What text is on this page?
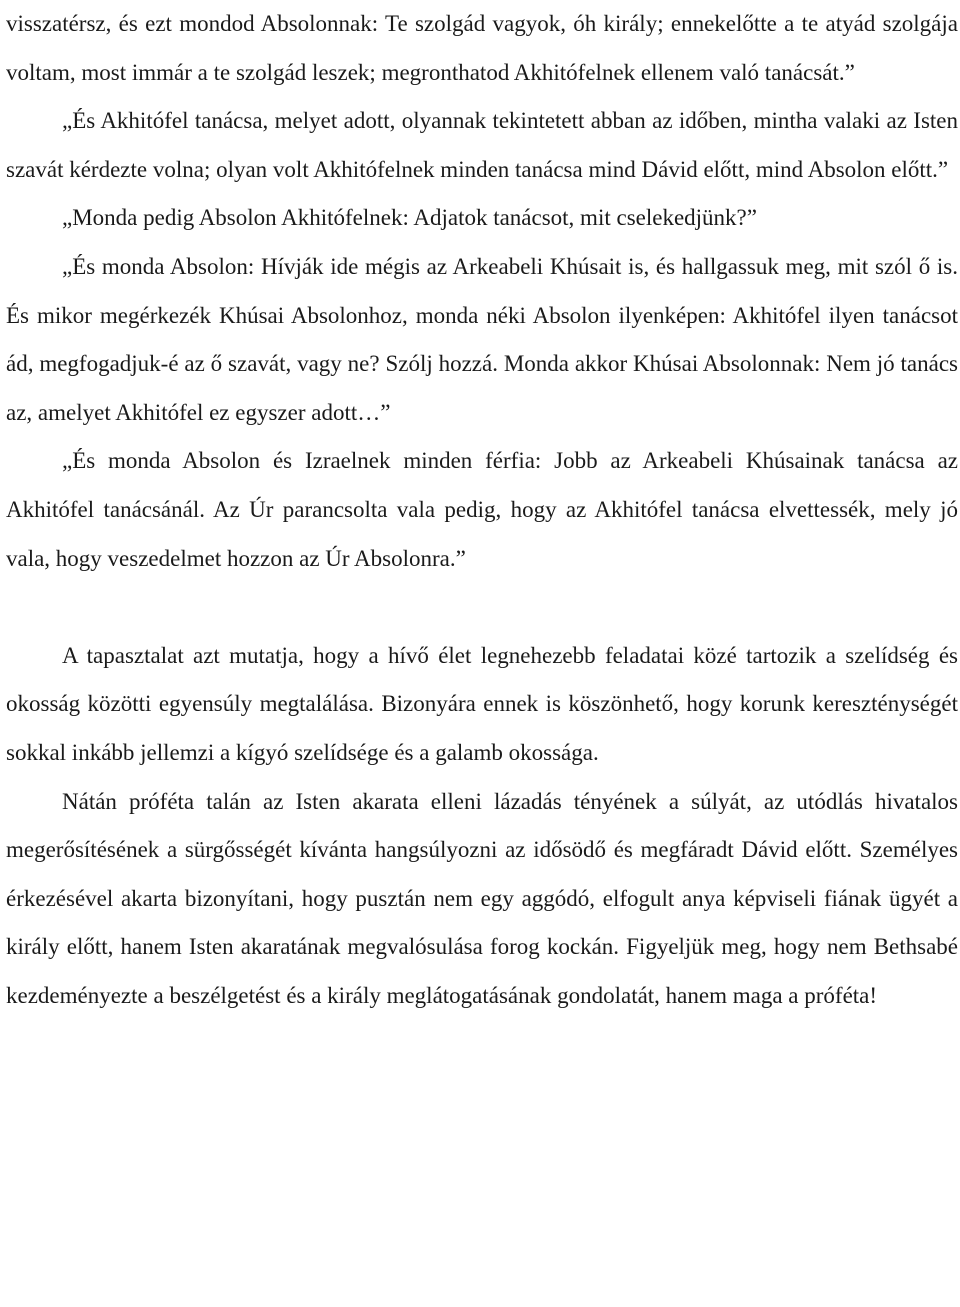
visszatérsz, és ezt mondod Absolonnak: Te szolgád vagyok, óh király; ennekelőtte a te atyád szolgája voltam, most immár a te szolgád leszek; megronthatod Akhitófelnek ellenem való tanácsát.”

„És Akhitófel tanácsa, melyet adott, olyannak tekintetett abban az időben, mintha valaki az Isten szavát kérdezte volna; olyan volt Akhitófelnek minden tanácsa mind Dávid előtt, mind Absolon előtt.”

„Monda pedig Absolon Akhitófelnek: Adjatok tanácsot, mit cselekedjünk?”

„És monda Absolon: Hívják ide mégis az Arkeabeli Khúsait is, és hallgassuk meg, mit szól ő is. És mikor megérkezék Khúsai Absolonhoz, monda néki Absolon ilyenképen: Akhitófel ilyen tanácsot ád, megfogadjuk-é az ő szavát, vagy ne? Szólj hozzá. Monda akkor Khúsai Absolonnak: Nem jó tanács az, amelyet Akhitófel ez egyszer adott…”

„És monda Absolon és Izraelnek minden férfia: Jobb az Arkeabeli Khúsainak tanácsa az Akhitófel tanácsánál. Az Úr parancsolta vala pedig, hogy az Akhitófel tanácsa elvettessék, mely jó vala, hogy veszedelmet hozzon az Úr Absolonra.”

A tapasztalat azt mutatja, hogy a hívő élet legnehezebb feladatai közé tartozik a szelídség és okosság közötti egyensúly megtalálása. Bizonyára ennek is köszönhető, hogy korunk kereszténységét sokkal inkább jellemzi a kígyó szelídsége és a galamb okossága.

Nátán próféta talán az Isten akarata elleni lázadás tényének a súlyát, az utódlás hivatalos megerősítésének a sürgősségét kívánta hangsúlyozni az idősödő és megfáradt Dávid előtt. Személyes érkezésével akarta bizonyítani, hogy pusztán nem egy aggódó, elfogult anya képviseli fiának ügyét a király előtt, hanem Isten akaratának megvalósulása forog kockán. Figyeljük meg, hogy nem Bethsabé kezdeményezte a beszélgetést és a király meglátogatásának gondolatát, hanem maga a próféta!
